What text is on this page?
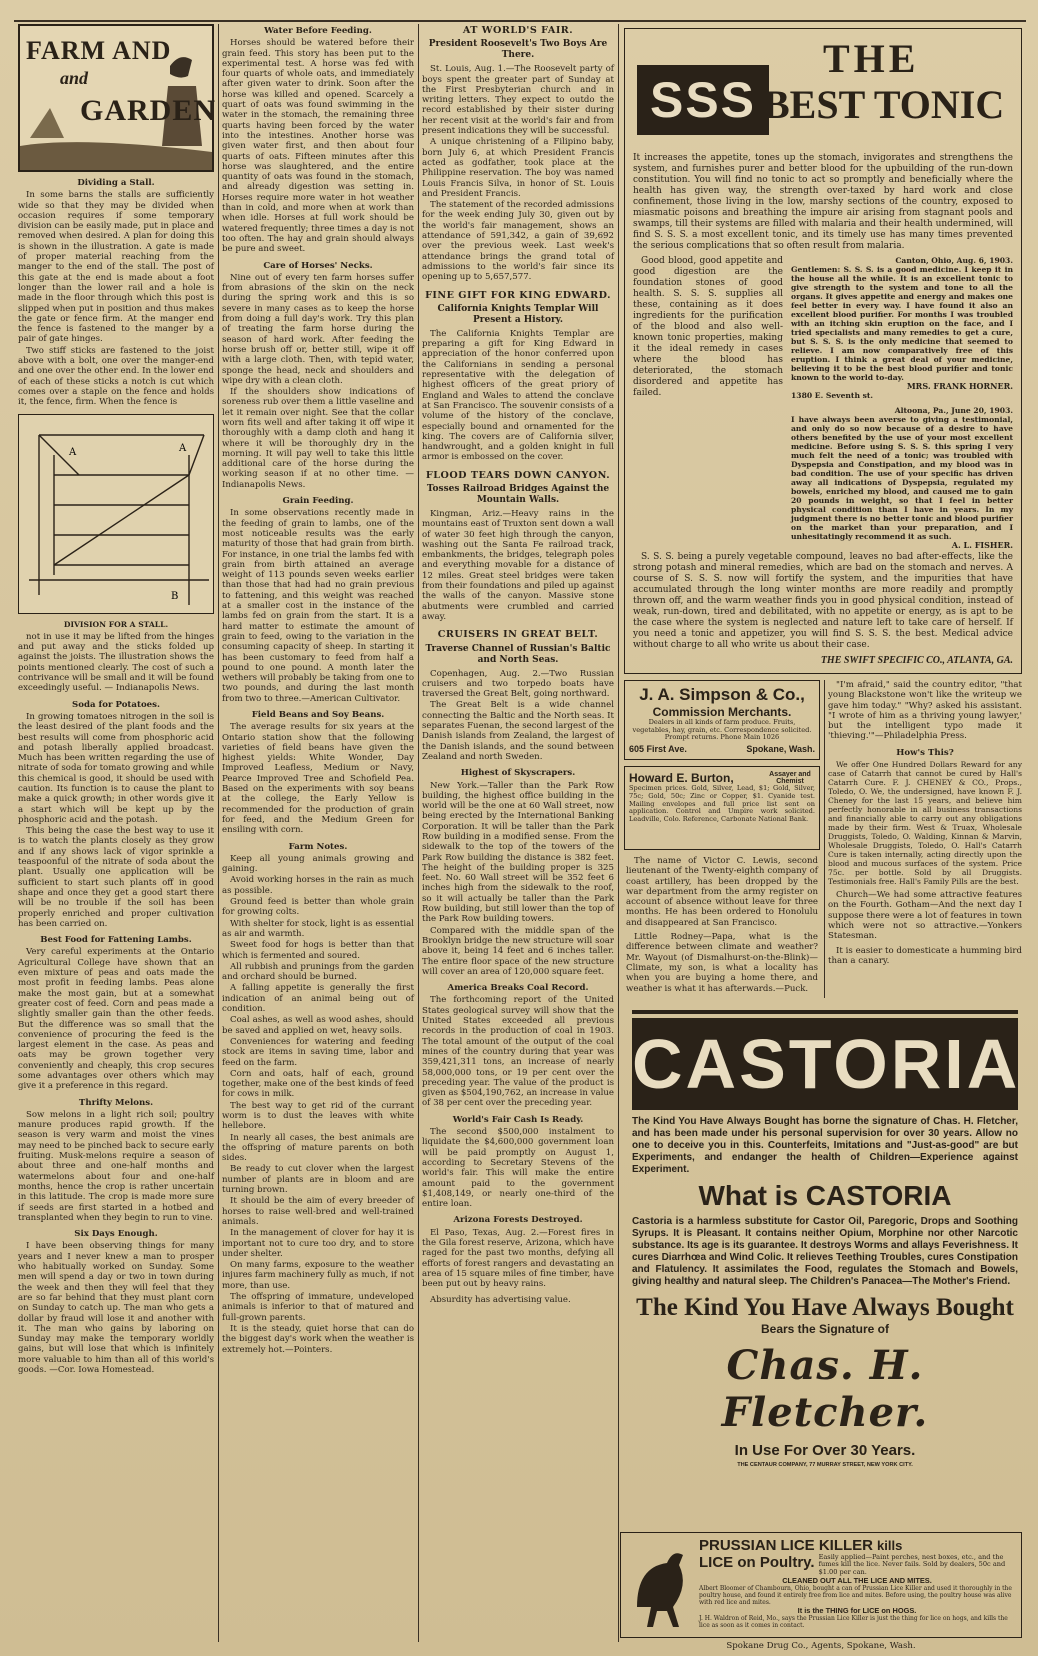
FARM AND
and
GARDEN
Dividing a Stall.

In some barns the stalls are sufficiently wide so that they may be divided when occasion requires if some temporary division can be easily made, put in place and removed when desired. A plan for doing this is shown in the illustration. A gate is made of proper material reaching from the manger to the end of the stall. The post of this gate at the end is made about a foot longer than the lower rail and a hole is made in the floor through which this post is slipped when put in position and thus makes the gate or fence firm. At the manger end the fence is fastened to the manger by a pair of gate hinges.

Two stiff sticks are fastened to the joist above with a bolt, one over the manger-end and one over the other end. In the lower end of each of these sticks a notch is cut which comes over a staple on the fence and holds it, the fence, firm. When the fence is

A	A
B
DIVISION FOR A STALL.

not in use it may be lifted from the hinges and put away and the sticks folded up against the joists. The illustration shows the points mentioned clearly. The cost of such a contrivance will be small and it will be found exceedingly useful. — Indianapolis News.

Soda for Potatoes.

In growing tomatoes nitrogen in the soil is the least desired of the plant foods and the best results will come from phosphoric acid and potash liberally applied broadcast. Much has been written regarding the use of nitrate of soda for tomato growing and while this chemical is good, it should be used with caution. Its function is to cause the plant to make a quick growth; in other words give it a start which will be kept up by the phosphoric acid and the potash.

This being the case the best way to use it is to watch the plants closely as they grow and if any shows lack of vigor sprinkle a teaspoonful of the nitrate of soda about the plant. Usually one application will be sufficient to start such plants off in good shape and once they get a good start there will be no trouble if the soil has been properly enriched and proper cultivation has been carried on.

Best Food for Fattening Lambs.

Very careful experiments at the Ontario Agricultural College have shown that an even mixture of peas and oats made the most profit in feeding lambs. Peas alone make the most gain, but at a somewhat greater cost of feed. Corn and peas made a slightly smaller gain than the other feeds. But the difference was so small that the convenience of procuring the feed is the largest element in the case. As peas and oats may be grown together very conveniently and cheaply, this crop secures some advantages over others which may give it a preference in this regard.

Thrifty Melons.

Sow melons in a light rich soil; poultry manure produces rapid growth. If the season is very warm and moist the vines may need to be pinched back to secure early fruiting. Musk-melons require a season of about three and one-half months and watermelons about four and one-half months, hence the crop is rather uncertain in this latitude. The crop is made more sure if seeds are first started in a hotbed and transplanted when they begin to run to vine.

Six Days Enough.

I have been observing things for many years and I never knew a man to prosper who habitually worked on Sunday. Some men will spend a day or two in town during the week and then they will feel that they are so far behind that they must plant corn on Sunday to catch up. The man who gets a dollar by fraud will lose it and another with it. The man who gains by laboring on Sunday may make the temporary worldly gains, but will lose that which is infinitely more valuable to him than all of this world's goods. —Cor. Iowa Homestead.

Water Before Feeding.

Horses should be watered before their grain feed. This story has been put to the experimental test. A horse was fed with four quarts of whole oats, and immediately after given water to drink. Soon after the horse was killed and opened. Scarcely a quart of oats was found swimming in the water in the stomach, the remaining three quarts having been forced by the water into the intestines. Another horse was given water first, and then about four quarts of oats. Fifteen minutes after this horse was slaughtered, and the entire quantity of oats was found in the stomach, and already digestion was setting in. Horses require more water in hot weather than in cold, and more when at work than when idle. Horses at full work should be watered frequently; three times a day is not too often. The hay and grain should always be pure and sweet.

Care of Horses' Necks.

Nine out of every ten farm horses suffer from abrasions of the skin on the neck during the spring work and this is so severe in many cases as to keep the horse from doing a full day's work. Try this plan of treating the farm horse during the season of hard work. After feeding the horse brush off or, better still, wipe it off with a large cloth. Then, with tepid water, sponge the head, neck and shoulders and wipe dry with a clean cloth.

If the shoulders show indications of soreness rub over them a little vaseline and let it remain over night. See that the collar worn fits well and after taking it off wipe it thoroughly with a damp cloth and hang it where it will be thoroughly dry in the morning. It will pay well to take this little additional care of the horse during the working season if at no other time. —Indianapolis News.

Grain Feeding.

In some observations recently made in the feeding of grain to lambs, one of the most noticeable results was the early maturity of those that had grain from birth. For instance, in one trial the lambs fed with grain from birth attained an average weight of 113 pounds seven weeks earlier than those that had had no grain previous to fattening, and this weight was reached at a smaller cost in the instance of the lambs fed on grain from the start. It is a hard matter to estimate the amount of grain to feed, owing to the variation in the consuming capacity of sheep. In starting it has been customary to feed from half a pound to one pound. A month later the wethers will probably be taking from one to two pounds, and during the last month from two to three.—American Cultivator.

Field Beans and Soy Beans.

The average results for six years at the Ontario station show that the following varieties of field beans have given the highest yields: White Wonder, Day Improved Leafless, Medium or Navy, Pearce Improved Tree and Schofield Pea. Based on the experiments with soy beans at the college, the Early Yellow is recommended for the production of grain for feed, and the Medium Green for ensiling with corn.

Farm Notes.

Keep all young animals growing and gaining.

Avoid working horses in the rain as much as possible.

Ground feed is better than whole grain for growing colts.

With shelter for stock, light is as essential as air and warmth.

Sweet food for hogs is better than that which is fermented and soured.

All rubbish and prunings from the garden and orchard should be burned.

A falling appetite is generally the first indication of an animal being out of condition.

Coal ashes, as well as wood ashes, should be saved and applied on wet, heavy soils.

Conveniences for watering and feeding stock are items in saving time, labor and feed on the farm.

Corn and oats, half of each, ground together, make one of the best kinds of feed for cows in milk.

The best way to get rid of the currant worm is to dust the leaves with white hellebore.

In nearly all cases, the best animals are the offspring of mature parents on both sides.

Be ready to cut clover when the largest number of plants are in bloom and are turning brown.

It should be the aim of every breeder of horses to raise well-bred and well-trained animals.

In the management of clover for hay it is important not to cure too dry, and to store under shelter.

On many farms, exposure to the weather injures farm machinery fully as much, if not more, than use.

The offspring of immature, undeveloped animals is inferior to that of matured and full-grown parents.

It is the steady, quiet horse that can do the biggest day's work when the weather is extremely hot.—Pointers.

AT WORLD'S FAIR.
President Roosevelt's Two Boys Are There.

St. Louis, Aug. 1.—The Roosevelt party of boys spent the greater part of Sunday at the First Presbyterian church and in writing letters. They expect to outdo the record established by their sister during her recent visit at the world's fair and from present indications they will be successful.

A unique christening of a Filipino baby, born July 6, at which President Francis acted as godfather, took place at the Philippine reservation. The boy was named Louis Francis Silva, in honor of St. Louis and President Francis.

The statement of the recorded admissions for the week ending July 30, given out by the world's fair management, shows an attendance of 591,342, a gain of 39,692 over the previous week. Last week's attendance brings the grand total of admissions to the world's fair since its opening up to 5,657,577.

FINE GIFT FOR KING EDWARD.
California Knights Templar Will Present a History.

The California Knights Templar are preparing a gift for King Edward in appreciation of the honor conferred upon the Californians in sending a personal representative with the delegation of highest officers of the great priory of England and Wales to attend the conclave at San Francisco. The souvenir consists of a volume of the history of the conclave, especially bound and ornamented for the king. The covers are of California silver, handwrought, and a golden knight in full armor is embossed on the cover.

FLOOD TEARS DOWN CANYON.
Tosses Railroad Bridges Against the Mountain Walls.

Kingman, Ariz.—Heavy rains in the mountains east of Truxton sent down a wall of water 30 feet high through the canyon, washing out the Santa Fe railroad track, embankments, the bridges, telegraph poles and everything movable for a distance of 12 miles. Great steel bridges were taken from their foundations and piled up against the walls of the canyon. Massive stone abutments were crumbled and carried away.

CRUISERS IN GREAT BELT.
Traverse Channel of Russian's Baltic and North Seas.

Copenhagen, Aug. 2.—Two Russian cruisers and two torpedo boats have traversed the Great Belt, going northward.

The Great Belt is a wide channel connecting the Baltic and the North seas. It separates Fuenan, the second largest of the Danish islands from Zealand, the largest of the Danish islands, and the sound between Zealand and north Sweden.

Highest of Skyscrapers.

New York.—Taller than the Park Row building, the highest office building in the world will be the one at 60 Wall street, now being erected by the International Banking Corporation. It will be taller than the Park Row building in a modified sense. From the sidewalk to the top of the towers of the Park Row building the distance is 382 feet. The height of the building proper is 325 feet. No. 60 Wall street will be 352 feet 6 inches high from the sidewalk to the roof, so it will actually be taller than the Park Row building, but still lower than the top of the Park Row building towers.

Compared with the middle span of the Brooklyn bridge the new structure will soar above it, being 14 feet and 6 inches taller. The entire floor space of the new structure will cover an area of 120,000 square feet.

America Breaks Coal Record.

The forthcoming report of the United States geological survey will show that the United States exceeded all previous records in the production of coal in 1903. The total amount of the output of the coal mines of the country during that year was 359,421,311 tons, an increase of nearly 58,000,000 tons, or 19 per cent over the preceding year. The value of the product is given as $504,190,762, an increase in value of 38 per cent over the preceding year.

World's Fair Cash Is Ready.

The second $500,000 instalment to liquidate the $4,600,000 government loan will be paid promptly on August 1, according to Secretary Stevens of the world's fair. This will make the entire amount paid to the government $1,408,149, or nearly one-third of the entire loan.

Arizona Forests Destroyed.

El Paso, Texas, Aug. 2.—Forest fires in the Gila forest reserve, Arizona, which have raged for the past two months, defying all efforts of forest rangers and devastating an area of 15 square miles of fine timber, have been put out by heavy rains.

Absurdity has advertising value.

SSS
THE
BEST TONIC
It increases the appetite, tones up the stomach, invigorates and strengthens the system, and furnishes purer and better blood for the upbuilding of the run-down constitution. You will find no tonic to act so promptly and beneficially where the health has given way, the strength over-taxed by hard work and close confinement, those living in the low, marshy sections of the country, exposed to miasmatic poisons and breathing the impure air arising from stagnant pools and swamps, till their systems are filled with malaria and their health undermined, will find S. S. S. a most excellent tonic, and its timely use has many times prevented the serious complications that so often result from malaria.

Good blood, good appetite and good digestion are the foundation stones of good health. S. S. S. supplies all these, containing as it does ingredients for the purification of the blood and also well-known tonic properties, making it the ideal remedy in cases where the blood has deteriorated, the stomach disordered and appetite has failed.

Canton, Ohio, Aug. 6, 1903.

Gentlemen: S. S. S. is a good medicine. I keep it in the house all the while. It is an excellent tonic to give strength to the system and tone to all the organs. It gives appetite and energy and makes one feel better in every way. I have found it also an excellent blood purifier. For months I was troubled with an itching skin eruption on the face, and I tried specialists and many remedies to get a cure, but S. S. S. is the only medicine that seemed to relieve. I am now comparatively free of this eruption. I think a great deal of your medicine, believing it to be the best blood purifier and tonic known to the world to-day.

MRS. FRANK HORNER.
1380 E. Seventh st.
Altoona, Pa., June 20, 1903.

I have always been averse to giving a testimonial, and only do so now because of a desire to have others benefited by the use of your most excellent medicine. Before using S. S. S. this spring I very much felt the need of a tonic; was troubled with Dyspepsia and Constipation, and my blood was in bad condition. The use of your specific has driven away all indications of Dyspepsia, regulated my bowels, enriched my blood, and caused me to gain 20 pounds in weight, so that I feel in better physical condition than I have in years. In my judgment there is no better tonic and blood purifier on the market than your preparation, and I unhesitatingly recommend it as such.

A. L. FISHER.

S. S. S. being a purely vegetable compound, leaves no bad after-effects, like the strong potash and mineral remedies, which are bad on the stomach and nerves. A course of S. S. S. now will fortify the system, and the impurities that have accumulated through the long winter months are more readily and promptly thrown off, and the warm weather finds you in good physical condition, instead of weak, run-down, tired and debilitated, with no appetite or energy, as is apt to be the case where the system is neglected and nature left to take care of herself. If you need a tonic and appetizer, you will find S. S. S. the best. Medical advice without charge to all who write us about their case.

THE SWIFT SPECIFIC CO., ATLANTA, GA.
J. A. Simpson & Co.,
Commission Merchants.
Dealers in all kinds of farm produce. Fruits, vegetables, hay, grain, etc. Correspondence solicited. Prompt returns. Phone Main 1026
605 First Ave.	Spokane, Wash.
Howard E. Burton,	Assayer and Chemist
Specimen prices. Gold, Silver, Lead, $1; Gold, Silver, 75c; Gold, 50c; Zinc or Copper, $1. Cyanide test. Mailing envelopes and full price list sent on application. Control and Umpire work solicited. Leadville, Colo. Reference, Carbonate National Bank.

The name of Victor C. Lewis, second lieutenant of the Twenty-eighth company of coast artillery, has been dropped by the war department from the army register on account of absence without leave for three months. He has been ordered to Honolulu and disappeared at San Francisco.

Little Rodney—Papa, what is the difference between climate and weather? Mr. Wayout (of Dismalhurst-on-the-Blink)—Climate, my son, is what a locality has when you are buying a home there, and weather is what it has afterwards.—Puck.

"I'm afraid," said the country editor, "that young Blackstone won't like the writeup we gave him today." "Why? asked his assistant. "I wrote of him as a thriving young lawyer,' but the intelligent typo made it 'thieving.'"—Philadelphia Press.

How's This?

We offer One Hundred Dollars Reward for any case of Catarrh that cannot be cured by Hall's Catarrh Cure. F. J. CHENEY & CO., Props., Toledo, O. We, the undersigned, have known F. J. Cheney for the last 15 years, and believe him perfectly honorable in all business transactions and financially able to carry out any obligations made by their firm. West & Truax, Wholesale Druggists, Toledo, O. Walding, Kinnan & Marvin, Wholesale Druggists, Toledo, O. Hall's Catarrh Cure is taken internally, acting directly upon the blood and mucous surfaces of the system. Price 75c. per bottle. Sold by all Druggists. Testimonials free. Hall's Family Pills are the best.

Church—We had some attractive features on the Fourth. Gotham—And the next day I suppose there were a lot of features in town which were not so attractive.—Yonkers Statesman.

It is easier to domesticate a humming bird than a canary.

CASTORIA
The Kind You Have Always Bought has borne the signature of Chas. H. Fletcher, and has been made under his personal supervision for over 30 years. Allow no one to deceive you in this. Counterfeits, Imitations and "Just-as-good" are but Experiments, and endanger the health of Children—Experience against Experiment.
What is CASTORIA
Castoria is a harmless substitute for Castor Oil, Paregoric, Drops and Soothing Syrups. It is Pleasant. It contains neither Opium, Morphine nor other Narcotic substance. Its age is its guarantee. It destroys Worms and allays Feverishness. It cures Diarrhœa and Wind Colic. It relieves Teething Troubles, cures Constipation and Flatulency. It assimilates the Food, regulates the Stomach and Bowels, giving healthy and natural sleep. The Children's Panacea—The Mother's Friend.
The Kind You Have Always Bought
Bears the Signature of
Chas. H. Fletcher.
In Use For Over 30 Years.
THE CENTAUR COMPANY, 77 MURRAY STREET, NEW YORK CITY.
PRUSSIAN LICE KILLER kills
LICE on Poultry. Easily applied—Paint perches, nest boxes, etc., and the fumes kill the lice. Never fails. Sold by dealers, 50c and $1.00 per can.
CLEANED OUT ALL THE LICE AND MITES.
Albert Bloomer of Chambourn, Ohio, bought a can of Prussian Lice Killer and used it thoroughly in the poultry house, and found it entirely free from lice and mites. Before using, the poultry house was alive with red lice and mites.
It is the THING for LICE on HOGS.
J. H. Waldron of Reid, Mo., says the Prussian Lice Killer is just the thing for lice on hogs, and kills the lice as soon as it comes in contact.
Spokane Drug Co., Agents, Spokane, Wash.
